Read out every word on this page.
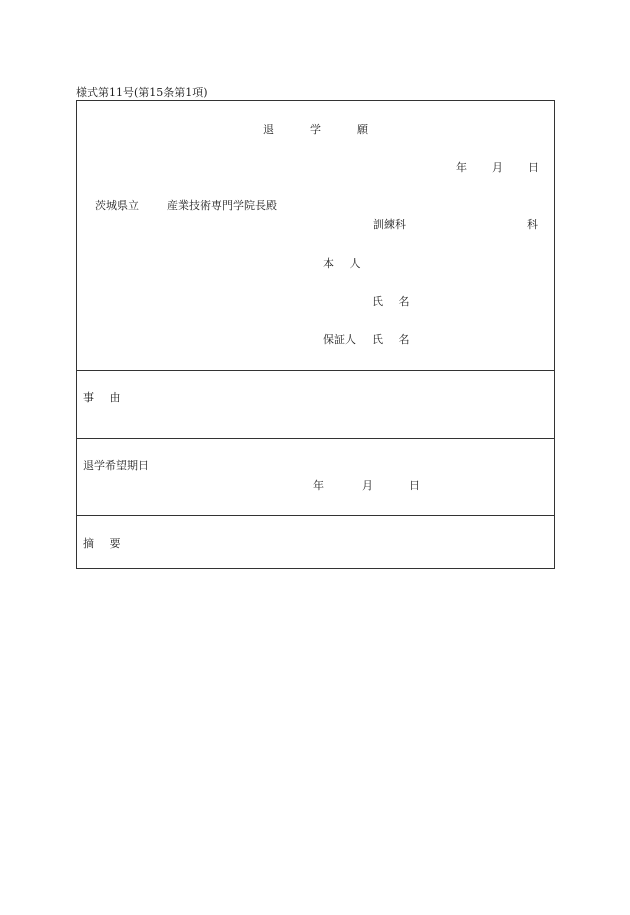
様式第11号(第15条第1項)
退	学	願
年 月 日
茨城県立	産業技術専門学院長殿
訓練科	科
本 人
氏 名
保証人 氏 名
事 由
退学希望期日
年	月	日
摘 要
